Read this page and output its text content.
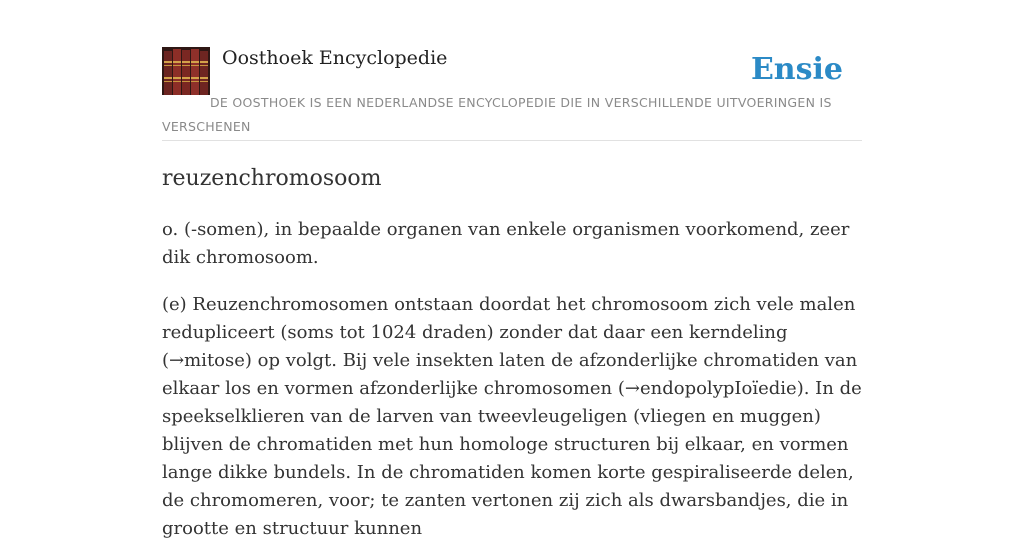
Oosthoek Encyclopedie	Ensie
DE OOSTHOEK IS EEN NEDERLANDSE ENCYCLOPEDIE DIE IN VERSCHILLENDE UITVOERINGEN IS VERSCHENEN
reuzenchromosoom

o. (-somen), in bepaalde organen van enkele organismen voorkomend, zeer dik chromosoom.

(e) Reuzenchromosomen ontstaan doordat het chromosoom zich vele malen redupliceert (soms tot 1024 draden) zonder dat daar een kerndeling (→mitose) op volgt. Bij vele insekten laten de afzonderlijke chromatiden van elkaar los en vormen afzonderlijke chromosomen (→endopolypIoïedie). In de speekselklieren van de larven van tweevleugeligen (vliegen en muggen) blijven de chromatiden met hun homologe structuren bij elkaar, en vormen lange dikke bundels. In de chromatiden komen korte gespiraliseerde delen, de chromomeren, voor; te zanten vertonen zij zich als dwarsbandjes, die in grootte en structuur kunnen
